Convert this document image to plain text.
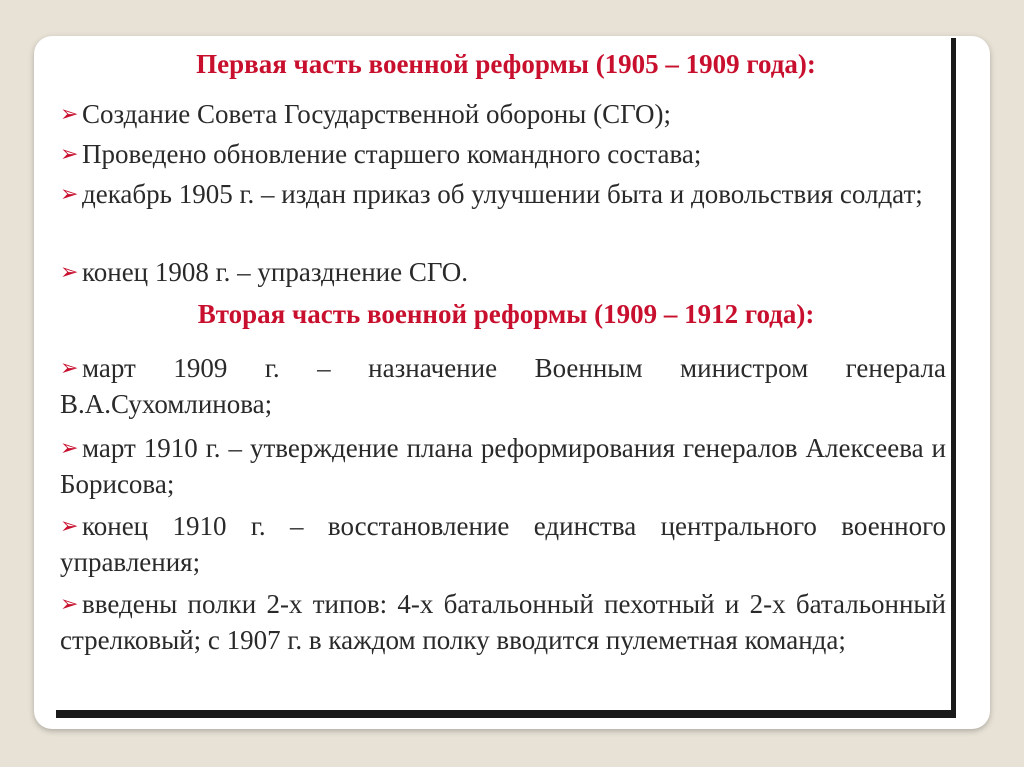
Первая часть военной реформы (1905 – 1909 года):
➢ Создание Совета Государственной обороны (СГО);
➢ Проведено обновление старшего командного состава;
➢ декабрь 1905 г. – издан приказ об улучшении быта и довольствия солдат;
➢ конец 1908 г. – упразднение СГО.
Вторая часть военной реформы (1909 – 1912 года):
➢ март 1909 г. – назначение Военным министром генерала В.А.Сухомлинова;
➢ март 1910 г. – утверждение плана реформирования генералов Алексеева и Борисова;
➢ конец 1910 г. – восстановление единства центрального военного управления;
➢ введены полки 2-х типов: 4-х батальонный пехотный и 2-х батальонный стрелковый; с 1907 г. в каждом полку вводится пулеметная команда;
